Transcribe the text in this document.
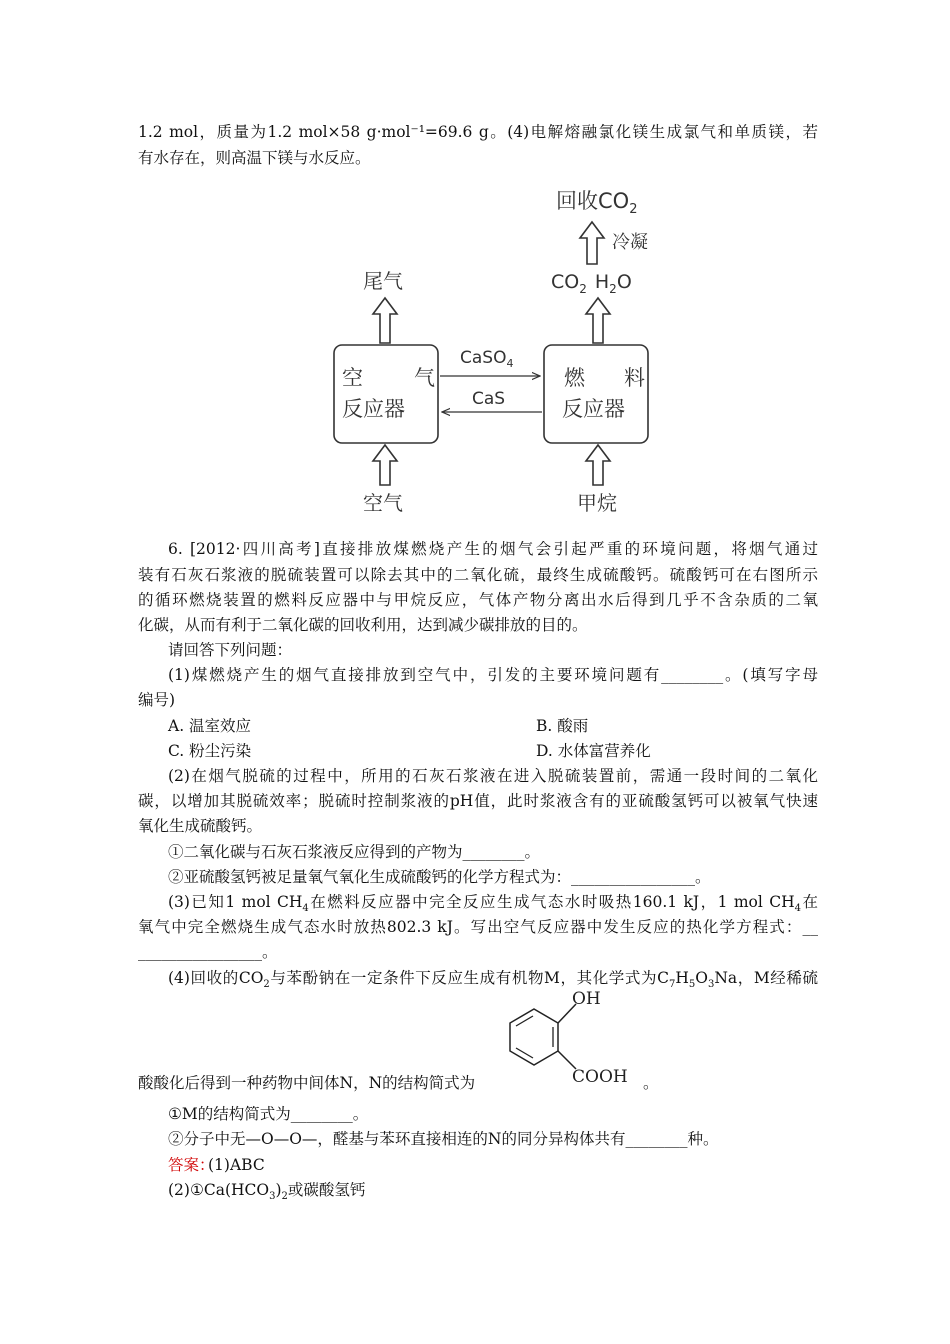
1.2 mol，质量为1.2 mol×58 g·mol⁻¹=69.6 g。(4)电解熔融氯化镁生成氯气和单质镁，若
有水存在，则高温下镁与水反应。
回收$CO_2$
冷凝
$CO_2$ $H_2O$
尾气
空 气
反应器
燃 料
反应器
CaSO$_4$
CaS
空气	甲烷
6. [2012·四川高考]直接排放煤燃烧产生的烟气会引起严重的环境问题，将烟气通过
装有石灰石浆液的脱硫装置可以除去其中的二氧化硫，最终生成硫酸钙。硫酸钙可在右图所示
的循环燃烧装置的燃料反应器中与甲烷反应，气体产物分离出水后得到几乎不含杂质的二氧
化碳，从而有利于二氧化碳的回收利用，达到减少碳排放的目的。
请回答下列问题：
(1)煤燃烧产生的烟气直接排放到空气中，引发的主要环境问题有________。(填写字母
编号)
A. 温室效应	B. 酸雨
C. 粉尘污染	D. 水体富营养化
(2)在烟气脱硫的过程中，所用的石灰石浆液在进入脱硫装置前，需通一段时间的二氧化
碳，以增加其脱硫效率；脱硫时控制浆液的pH值，此时浆液含有的亚硫酸氢钙可以被氧气快速
氧化生成硫酸钙。
①二氧化碳与石灰石浆液反应得到的产物为________。
②亚硫酸氢钙被足量氧气氧化生成硫酸钙的化学方程式为：________________。
(3)已知1 mol $CH_4$在燃料反应器中完全反应生成气态水时吸热160.1 kJ，1 mol $CH_4$在
氧气中完全燃烧生成气态水时放热802.3 kJ。写出空气反应器中发生反应的热化学方程式：__
________________。
(4)回收的$CO_2$与苯酚钠在一定条件下反应生成有机物M，其化学式为$C_7H_5O_3Na$，M经稀硫
OH
COOH
酸酸化后得到一种药物中间体N，N的结构简式为	。
①M的结构简式为________。
②分子中无—O—O—，醛基与苯环直接相连的N的同分异构体共有________种。
答案：
(1)ABC
$(2)①Ca(HCO_3)_2$或碳酸氢钙
